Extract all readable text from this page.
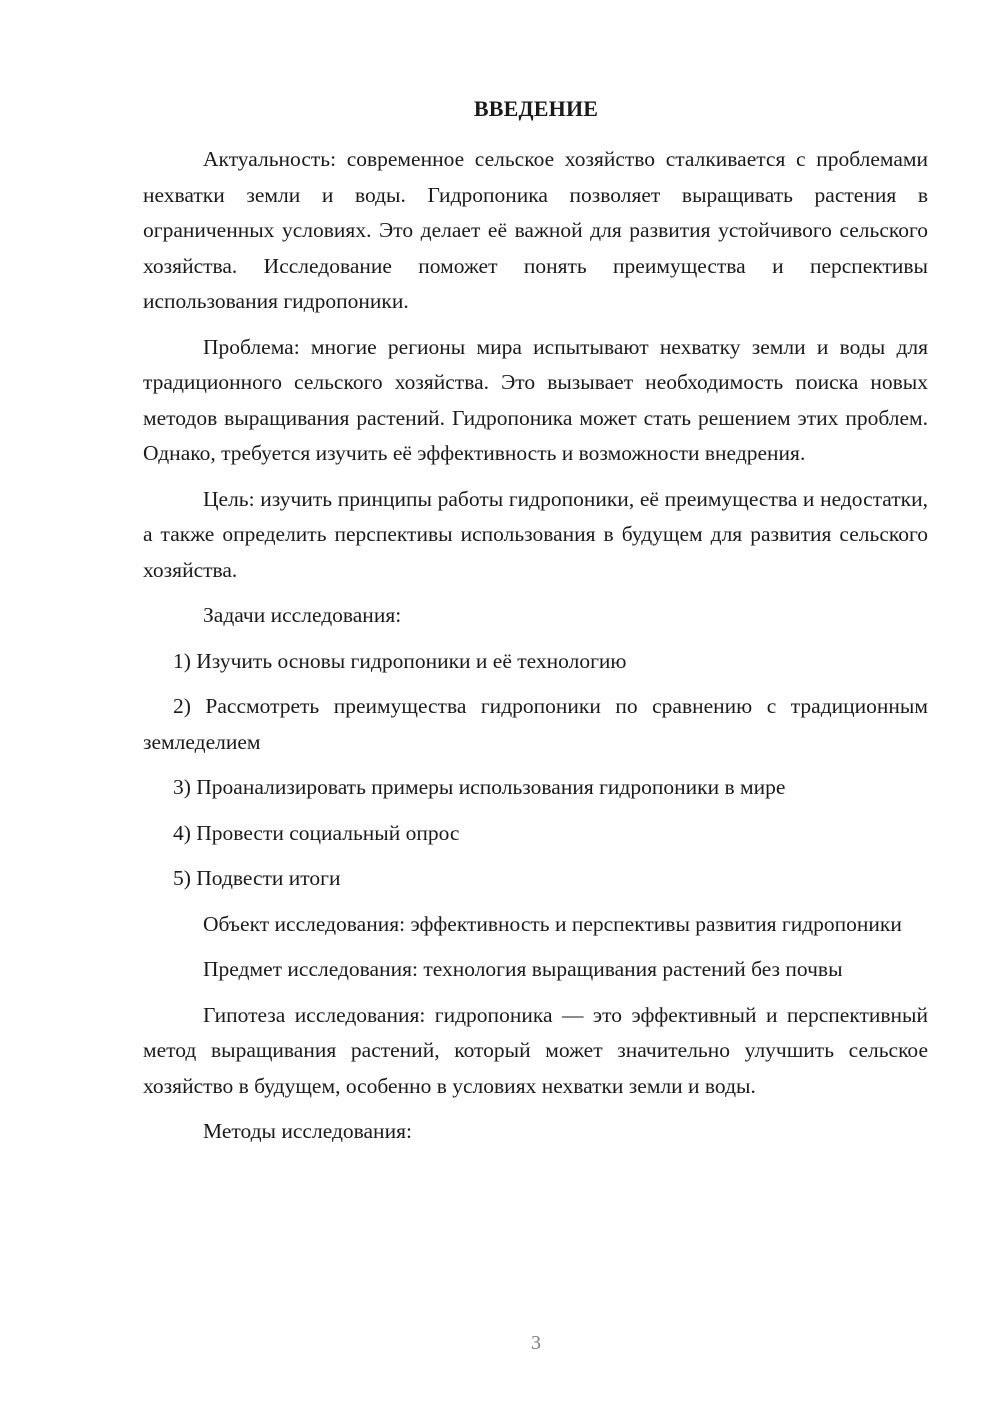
ВВЕДЕНИЕ

Актуальность: современное сельское хозяйство сталкивается с проблемами нехватки земли и воды. Гидропоника позволяет выращивать растения в ограниченных условиях. Это делает её важной для развития устойчивого сельского хозяйства. Исследование поможет понять преимущества и перспективы использования гидропоники.

Проблема: многие регионы мира испытывают нехватку земли и воды для традиционного сельского хозяйства. Это вызывает необходимость поиска новых методов выращивания растений. Гидропоника может стать решением этих проблем. Однако, требуется изучить её эффективность и возможности внедрения.

Цель: изучить принципы работы гидропоники, её преимущества и недостатки, а также определить перспективы использования в будущем для развития сельского хозяйства.

Задачи исследования:

1) Изучить основы гидропоники и её технологию

2) Рассмотреть преимущества гидропоники по сравнению с традиционным земледелием

3) Проанализировать примеры использования гидропоники в мире

4) Провести социальный опрос

5) Подвести итоги

Объект исследования: эффективность и перспективы развития гидропоники

Предмет исследования: технология выращивания растений без почвы

Гипотеза исследования: гидропоника — это эффективный и перспективный метод выращивания растений, который может значительно улучшить сельское хозяйство в будущем, особенно в условиях нехватки земли и воды.

Методы исследования:

3
